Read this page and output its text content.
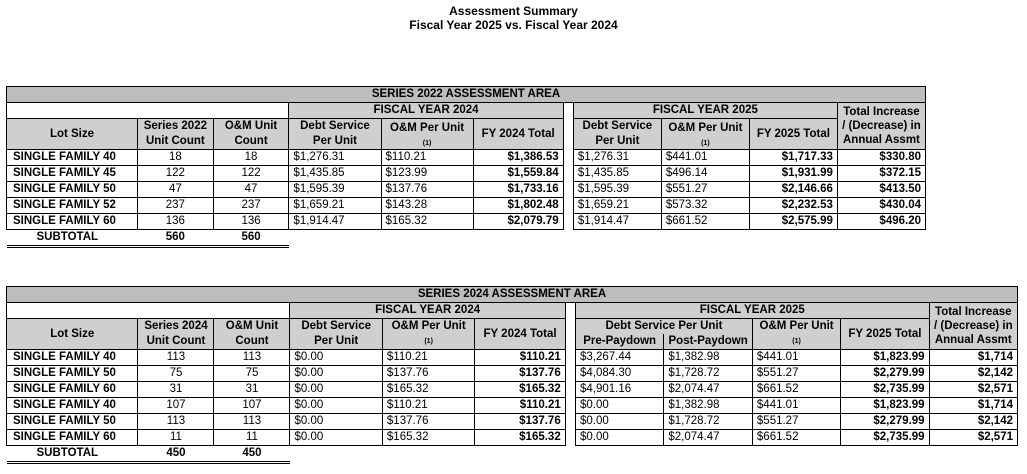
Assessment Summary
Fiscal Year 2025 vs. Fiscal Year 2024
SERIES 2022 ASSESSMENT AREA										
			FISCAL YEAR 2024				FISCAL YEAR 2025			Total Increase / (Decrease) in Annual Assmt
Lot Size	Series 2022 Unit Count	O&M Unit Count	Debt Service Per Unit	O&M Per Unit	FY 2024 Total		Debt Service Per Unit	O&M Per Unit	FY 2025 Total	
				(1)				(1)		
SINGLE FAMILY 40	18	18	$1,276.31	$110.21	$1,386.53		$1,276.31	$441.01	$1,717.33	$330.80
SINGLE FAMILY 45	122	122	$1,435.85	$123.99	$1,559.84		$1,435.85	$496.14	$1,931.99	$372.15
SINGLE FAMILY 50	47	47	$1,595.39	$137.76	$1,733.16		$1,595.39	$551.27	$2,146.66	$413.50
SINGLE FAMILY 52	237	237	$1,659.21	$143.28	$1,802.48		$1,659.21	$573.32	$2,232.53	$430.04
SINGLE FAMILY 60	136	136	$1,914.47	$165.32	$2,079.79		$1,914.47	$661.52	$2,575.99	$496.20
SUBTOTAL	560	560								
SERIES 2024 ASSESSMENT AREA											
			FISCAL YEAR 2024				FISCAL YEAR 2025				Total Increase / (Decrease) in Annual Assmt
Lot Size	Series 2024 Unit Count	O&M Unit Count	Debt Service Per Unit	O&M Per Unit	FY 2024 Total		Debt Service Per Unit		O&M Per Unit	FY 2025 Total	
				(1)			Pre-Paydown	Post-Paydown	(1)		
SINGLE FAMILY 40	113	113	$0.00	$110.21	$110.21		$3,267.44	$1,382.98	$441.01	$1,823.99	$1,714
SINGLE FAMILY 50	75	75	$0.00	$137.76	$137.76		$4,084.30	$1,728.72	$551.27	$2,279.99	$2,142
SINGLE FAMILY 60	31	31	$0.00	$165.32	$165.32		$4,901.16	$2,074.47	$661.52	$2,735.99	$2,571
SINGLE FAMILY 40	107	107	$0.00	$110.21	$110.21		$0.00	$1,382.98	$441.01	$1,823.99	$1,714
SINGLE FAMILY 50	113	113	$0.00	$137.76	$137.76		$0.00	$1,728.72	$551.27	$2,279.99	$2,142
SINGLE FAMILY 60	11	11	$0.00	$165.32	$165.32		$0.00	$2,074.47	$661.52	$2,735.99	$2,571
SUBTOTAL	450	450									
